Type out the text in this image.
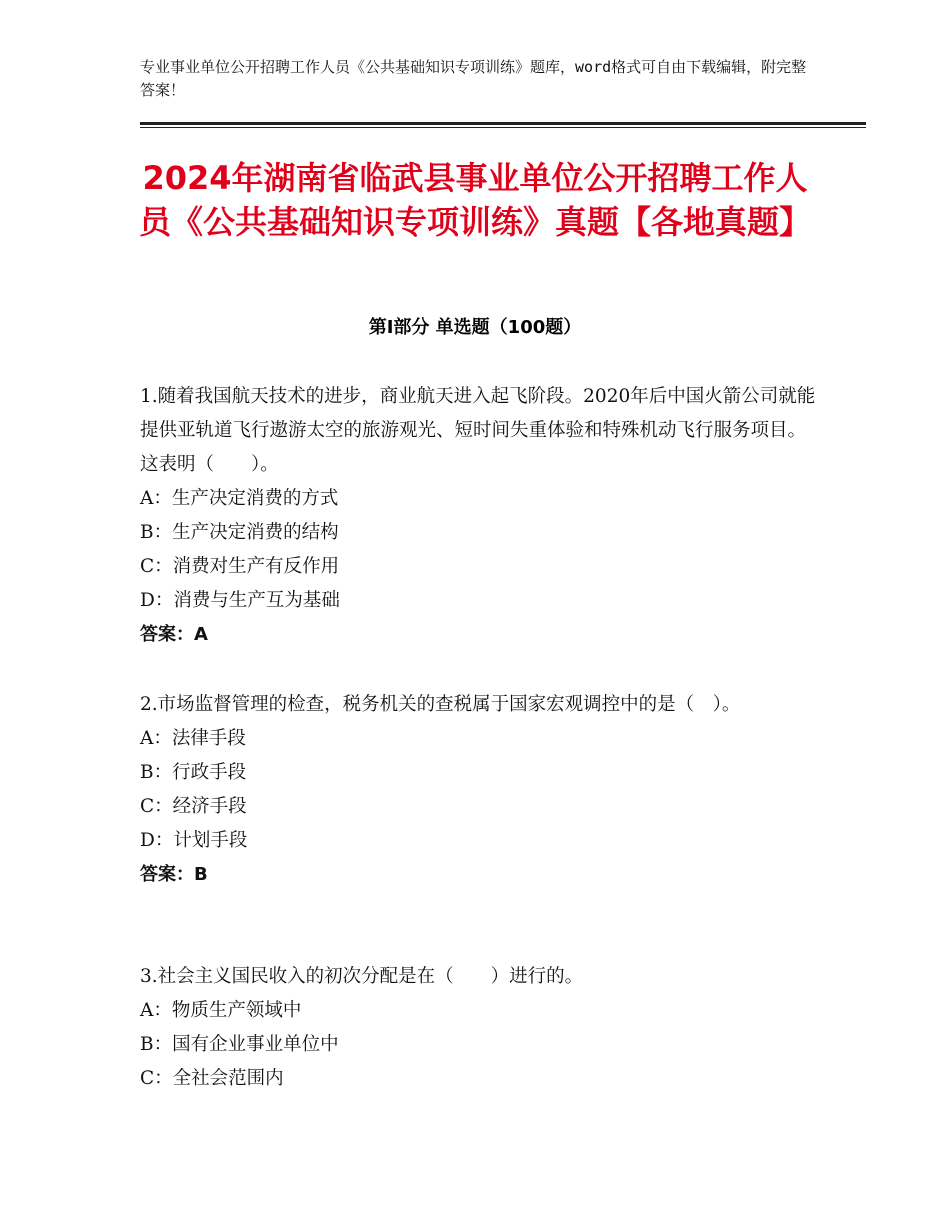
专业事业单位公开招聘工作人员《公共基础知识专项训练》题库，word格式可自由下载编辑，附完整答案！
2024年湖南省临武县事业单位公开招聘工作人员《公共基础知识专项训练》真题【各地真题】
第Ⅰ部分 单选题（100题）

1.随着我国航天技术的进步，商业航天进入起飞阶段。2020年后中国火箭公司就能提供亚轨道飞行遨游太空的旅游观光、短时间失重体验和特殊机动飞行服务项目。这表明（　　）。

A：生产决定消费的方式

B：生产决定消费的结构

C：消费对生产有反作用

D：消费与生产互为基础

答案：A

2.市场监督管理的检查，税务机关的查税属于国家宏观调控中的是（　）。

A：法律手段

B：行政手段

C：经济手段

D：计划手段

答案：B

3.社会主义国民收入的初次分配是在（　　）进行的。

A：物质生产领域中

B：国有企业事业单位中

C：全社会范围内
